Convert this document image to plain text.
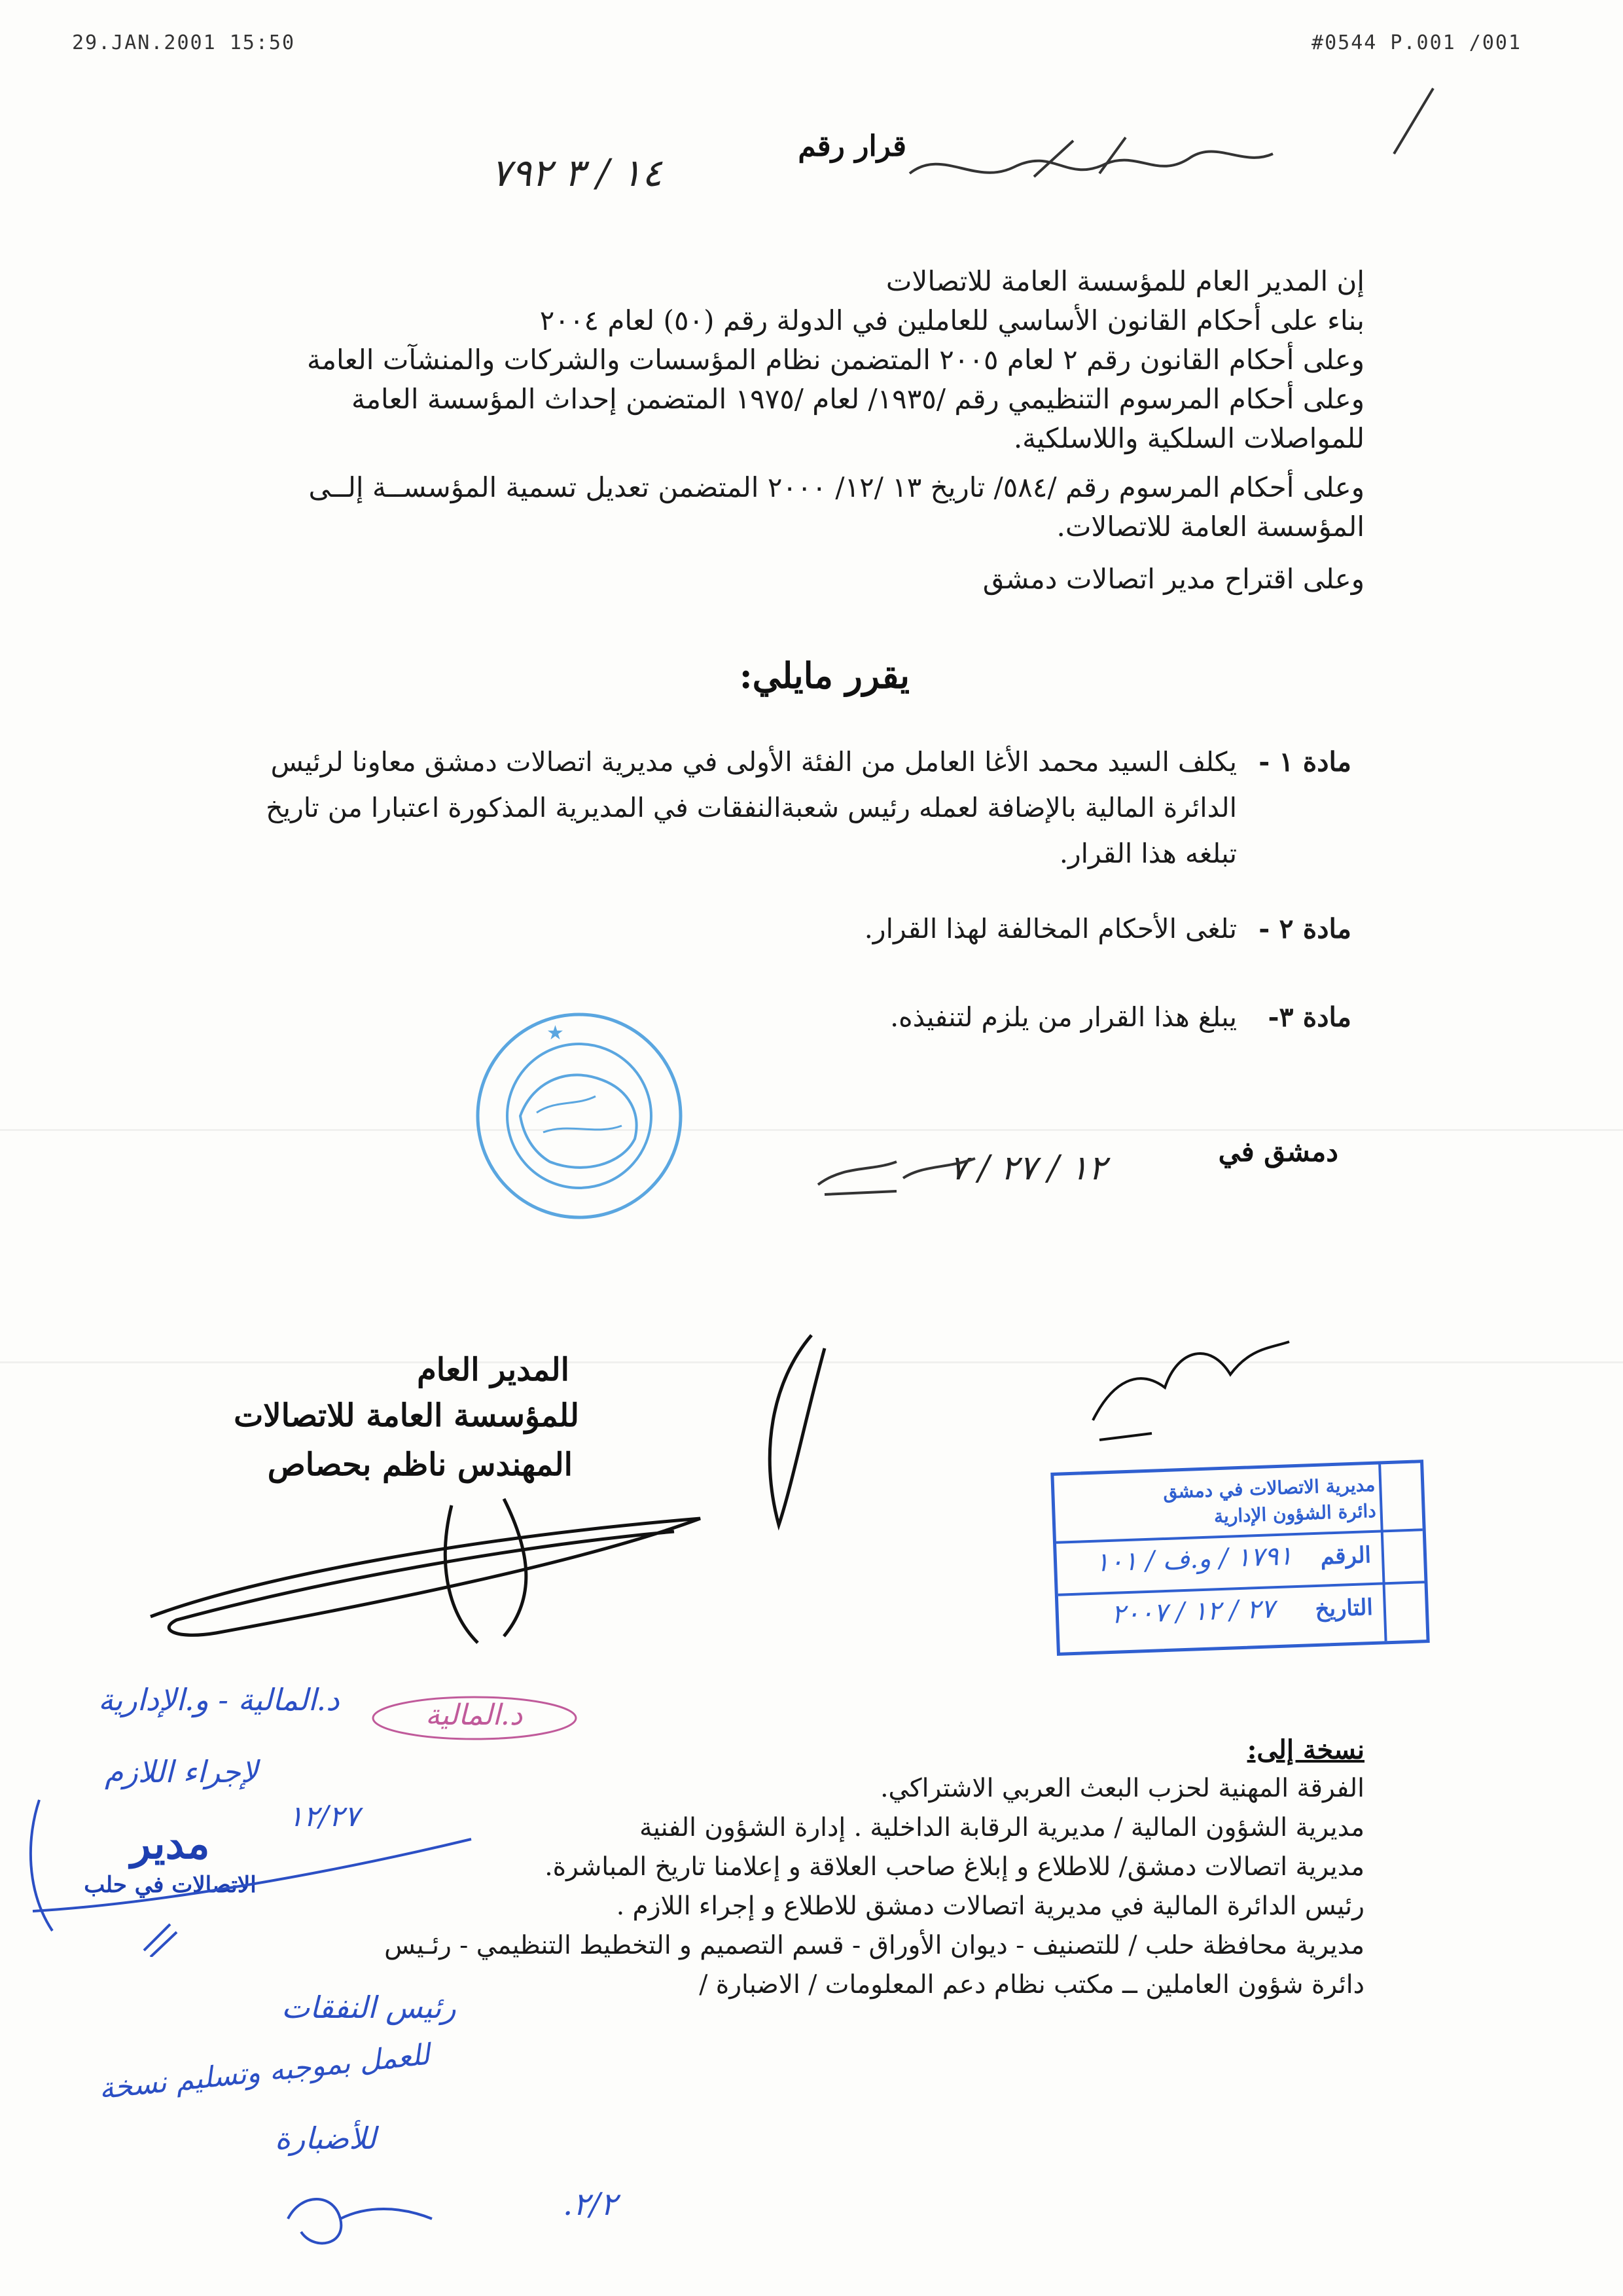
29.JAN.2001 15:50	#0544 P.001 /001
قرار رقم
١٤ / ٣ ٧٩٢
إن المدير العام للمؤسسة العامة للاتصالات
بناء على أحكام القانون الأساسي للعاملين في الدولة رقم (٥٠) لعام ٢٠٠٤
وعلى أحكام القانون رقم ٢ لعام ٢٠٠٥ المتضمن نظام المؤسسات والشركات والمنشآت العامة
وعلى أحكام المرسوم التنظيمي رقم /١٩٣٥/ لعام /١٩٧٥ المتضمن إحداث المؤسسة العامة
للمواصلات السلكية واللاسلكية.
وعلى أحكام المرسوم رقم /٥٨٤/ تاريخ ١٣ /١٢/ ٢٠٠٠ المتضمن تعديل تسمية المؤسســة إلــى
المؤسسة العامة للاتصالات.
وعلى اقتراح مدير اتصالات دمشق
يقرر مايلي:
مادة ١ -
يكلف السيد محمد الأغا العامل من الفئة الأولى في مديرية اتصالات دمشق معاونا لرئيس
الدائرة المالية بالإضافة لعمله رئيس شعبةالنفقات في المديرية المذكورة اعتبارا من تاريخ
تبلغه هذا القرار.
مادة ٢ -
تلغى الأحكام المخالفة لهذا القرار.
مادة ٣-
يبلغ هذا القرار من يلزم لتنفيذه.
★
دمشق في
١٢ / ٢٧ / ٧
المدير العام
للمؤسسة العامة للاتصالات
المهندس ناظم بحصاص
مديرية الاتصالات في دمشق
دائرة الشؤون الإدارية
الرقم
١٧٩١ / و.ف / ١٠١
التاريخ
٢٧ / ١٢ / ٢٠٠٧
د.المالية - و.الإدارية	د.المالية
لإجراء اللازم
١٢/٢٧
مدير
الاتصالات في حلب
رئيس النفقات
للعمل بموجبه وتسليم نسخة
للأضبارة
٢/٢.
نسخة إلى:
الفرقة المهنية لحزب البعث العربي الاشتراكي.
مديرية الشؤون المالية / مديرية الرقابة الداخلية . إدارة الشؤون الفنية
مديرية اتصالات دمشق/ للاطلاع و إبلاغ صاحب العلاقة و إعلامنا تاريخ المباشرة.
رئيس الدائرة المالية في مديرية اتصالات دمشق للاطلاع و إجراء اللازم .
مديرية محافظة حلب / للتصنيف - ديوان الأوراق - قسم التصميم و التخطيط التنظيمي - رئـيس
دائرة شؤون العاملين ــ مكتب نظام دعم المعلومات / الاضبارة /
